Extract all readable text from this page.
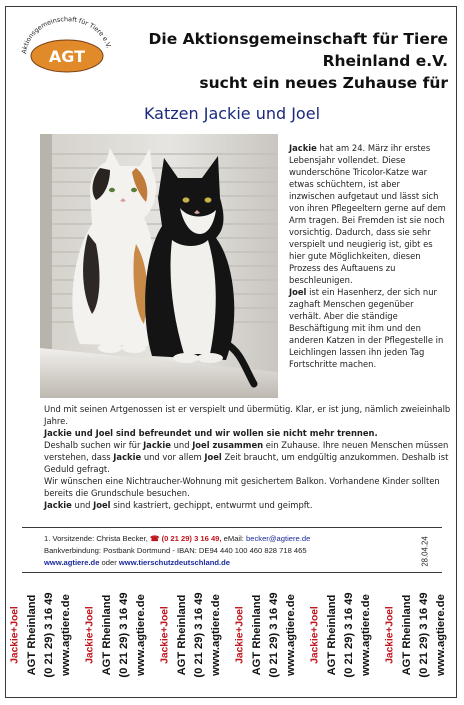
Aktionsgemeinschaft für Tiere e.V.
AGT
Die Aktionsgemeinschaft für Tiere
Rheinland e.V.
sucht ein neues Zuhause für
Katzen Jackie und Joel

Jackie hat am 24. März ihr erstes Lebensjahr vollendet. Diese wunderschöne Tricolor-Katze war etwas schüchtern, ist aber inzwischen aufgetaut und lässt sich von ihren Pflegeeltern gerne auf dem Arm tragen. Bei Fremden ist sie noch vorsichtig. Dadurch, dass sie sehr verspielt und neugierig ist, gibt es hier gute Möglichkeiten, diesen Prozess des Auftauens zu beschleunigen.

Joel ist ein Hasenherz, der sich nur zaghaft Menschen gegenüber verhält. Aber die ständige Beschäftigung mit ihm und den anderen Katzen in der Pflegestelle in Leichlingen lassen ihn jeden Tag Fortschritte machen.

Und mit seinen Artgenossen ist er verspielt und übermütig. Klar, er ist jung, nämlich zweieinhalb Jahre.

Jackie und Joel sind befreundet und wir wollen sie nicht mehr trennen.

Deshalb suchen wir für Jackie und Joel zusammen ein Zuhause. Ihre neuen Menschen müssen verstehen, dass Jackie und vor allem Joel Zeit braucht, um endgültig anzukommen. Deshalb ist Geduld gefragt.

Wir wünschen eine Nichtraucher-Wohnung mit gesichertem Balkon. Vorhandene Kinder sollten bereits die Grundschule besuchen.

Jackie und Joel sind kastriert, gechippt, entwurmt und geimpft.

1. Vorsitzende: Christa Becker, ☎ (0 21 29) 3 16 49, eMail: becker@agtiere.de
Bankverbindung: Postbank Dortmund - IBAN: DE94 440 100 460 828 718 465
www.agtiere.de oder www.tierschutzdeutschland.de	28.04.24
Jackie+Joel AGT Rheinland (0 21 29) 3 16 49 www.agtiere.de Jackie+Joel AGT Rheinland (0 21 29) 3 16 49 www.agtiere.de Jackie+Joel AGT Rheinland (0 21 29) 3 16 49 www.agtiere.de Jackie+Joel AGT Rheinland (0 21 29) 3 16 49 www.agtiere.de Jackie+Joel AGT Rheinland (0 21 29) 3 16 49 www.agtiere.de Jackie+Joel AGT Rheinland (0 21 29) 3 16 49 www.agtiere.de
